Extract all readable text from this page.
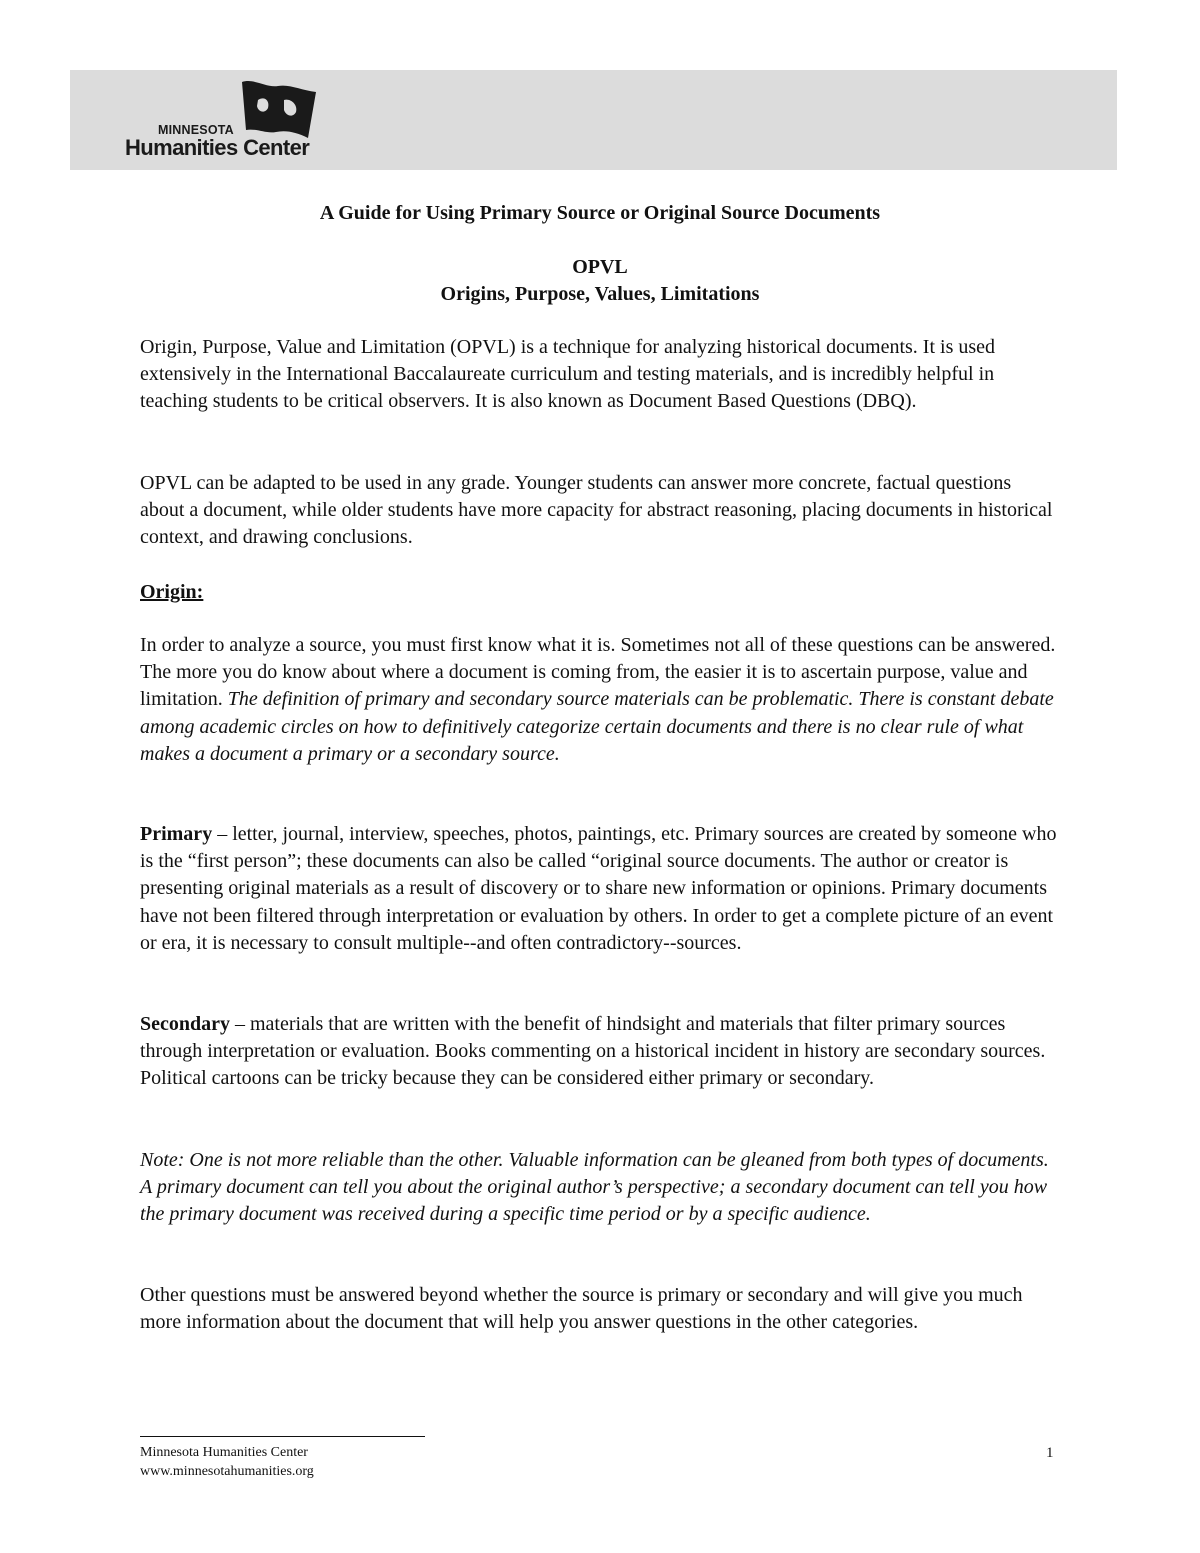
MINNESOTA
Humanities Center
A Guide for Using Primary Source or Original Source Documents
OPVL
Origins, Purpose, Values, Limitations

Origin, Purpose, Value and Limitation (OPVL) is a technique for analyzing historical documents. It is used extensively in the International Baccalaureate curriculum and testing materials, and is incredibly helpful in teaching students to be critical observers. It is also known as Document Based Questions (DBQ).

OPVL can be adapted to be used in any grade. Younger students can answer more concrete, factual questions about a document, while older students have more capacity for abstract reasoning, placing documents in historical context, and drawing conclusions.

Origin:

In order to analyze a source, you must first know what it is. Sometimes not all of these questions can be answered. The more you do know about where a document is coming from, the easier it is to ascertain purpose, value and limitation. The definition of primary and secondary source materials can be problematic. There is constant debate among academic circles on how to definitively categorize certain documents and there is no clear rule of what makes a document a primary or a secondary source.

Primary – letter, journal, interview, speeches, photos, paintings, etc. Primary sources are created by someone who is the “first person”; these documents can also be called “original source documents. The author or creator is presenting original materials as a result of discovery or to share new information or opinions. Primary documents have not been filtered through interpretation or evaluation by others. In order to get a complete picture of an event or era, it is necessary to consult multiple--and often contradictory--sources.

Secondary – materials that are written with the benefit of hindsight and materials that filter primary sources through interpretation or evaluation. Books commenting on a historical incident in history are secondary sources. Political cartoons can be tricky because they can be considered either primary or secondary.

Note: One is not more reliable than the other. Valuable information can be gleaned from both types of documents. A primary document can tell you about the original author’s perspective; a secondary document can tell you how the primary document was received during a specific time period or by a specific audience.

Other questions must be answered beyond whether the source is primary or secondary and will give you much more information about the document that will help you answer questions in the other categories.

Minnesota Humanities Center
www.minnesotahumanities.org
1
